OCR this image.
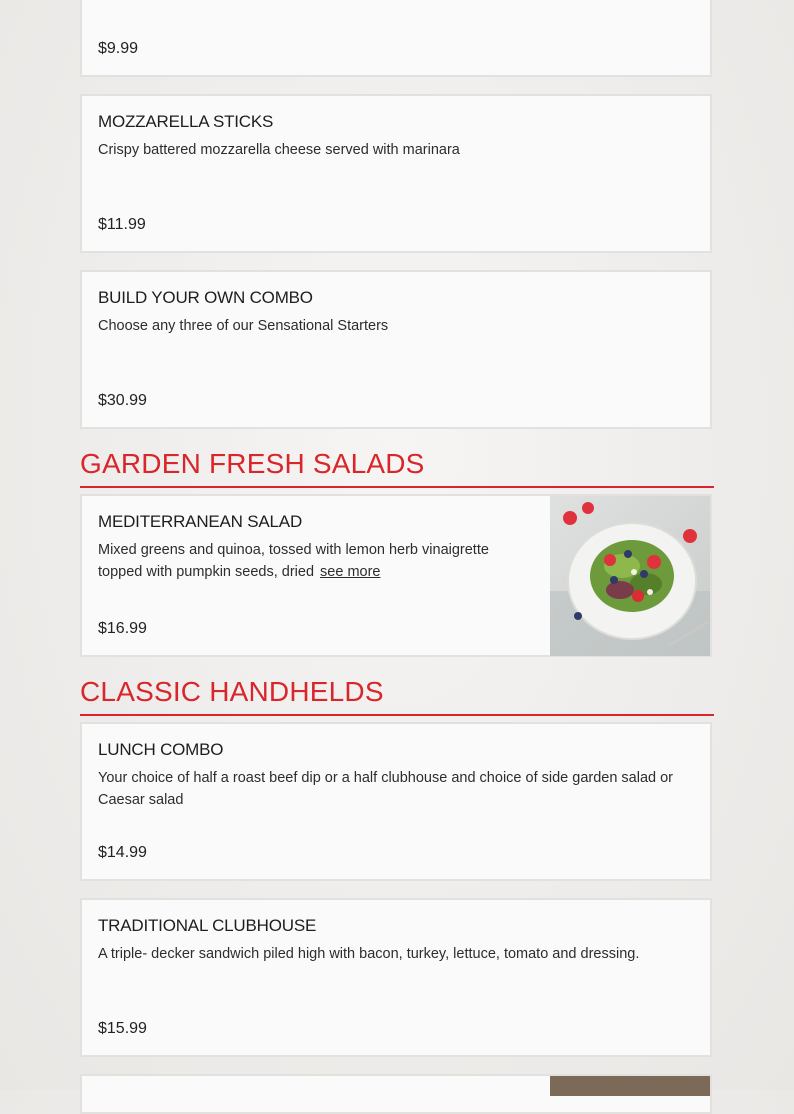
$9.99
MOZZARELLA STICKS
Crispy battered mozzarella cheese served with marinara
$11.99
BUILD YOUR OWN COMBO
Choose any three of our Sensational Starters
$30.99
GARDEN FRESH SALADS
MEDITERRANEAN SALAD
Mixed greens and quinoa, tossed with lemon herb vinaigrette topped with pumpkin seeds, dried see more
$16.99
CLASSIC HANDHELDS
LUNCH COMBO
Your choice of half a roast beef dip or a half clubhouse and choice of side garden salad or Caesar salad
$14.99
TRADITIONAL CLUBHOUSE
A triple- decker sandwich piled high with bacon, turkey, lettuce, tomato and dressing.
$15.99
